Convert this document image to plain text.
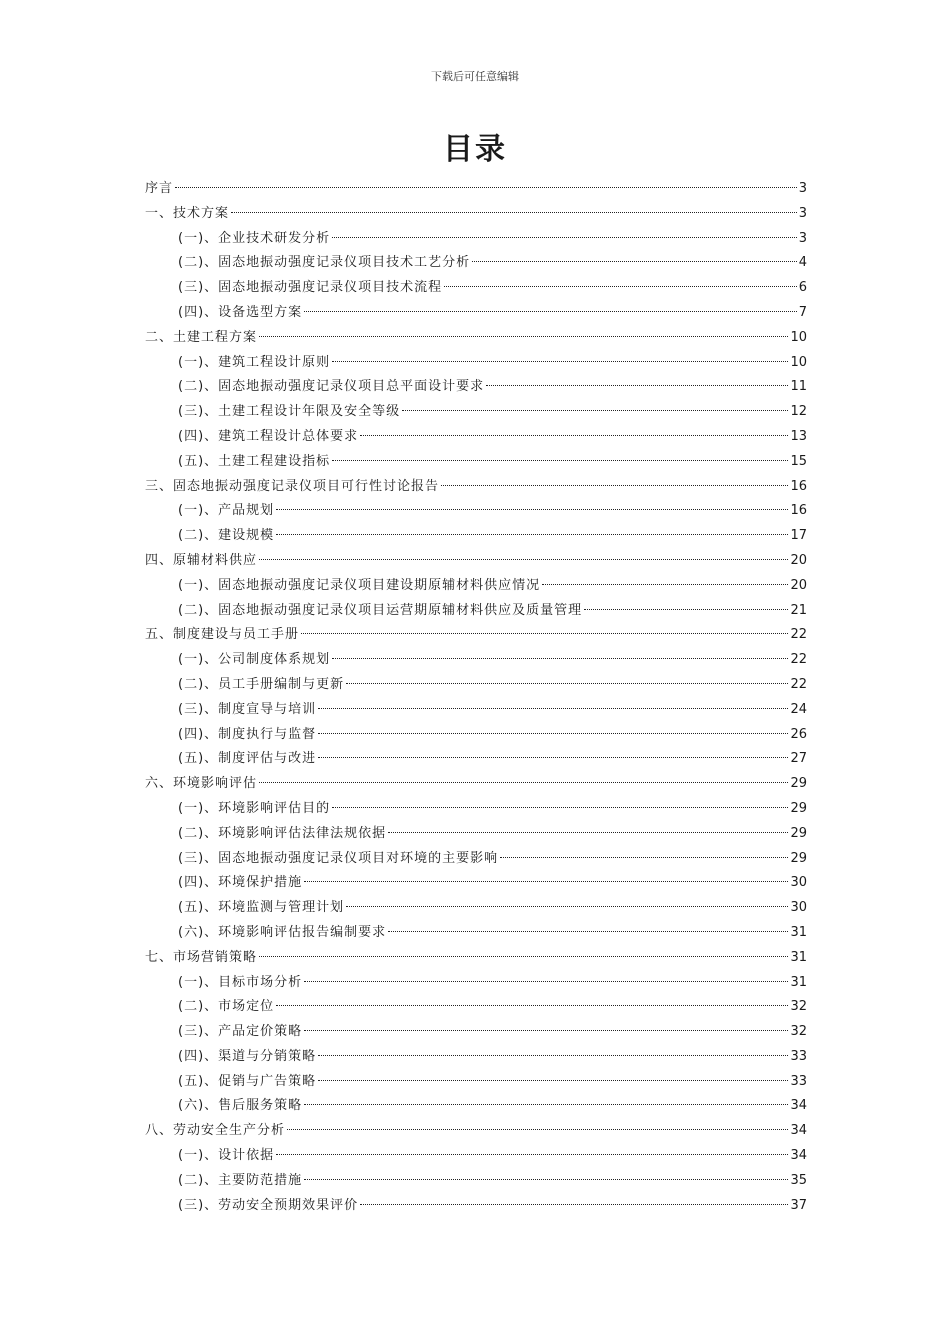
下载后可任意编辑
目录
序言	3
一、技术方案	3
(一)、企业技术研发分析	3
(二)、固态地振动强度记录仪项目技术工艺分析	4
(三)、固态地振动强度记录仪项目技术流程	6
(四)、设备选型方案	7
二、土建工程方案	10
(一)、建筑工程设计原则	10
(二)、固态地振动强度记录仪项目总平面设计要求	11
(三)、土建工程设计年限及安全等级	12
(四)、建筑工程设计总体要求	13
(五)、土建工程建设指标	15
三、固态地振动强度记录仪项目可行性讨论报告	16
(一)、产品规划	16
(二)、建设规模	17
四、原辅材料供应	20
(一)、固态地振动强度记录仪项目建设期原辅材料供应情况	20
(二)、固态地振动强度记录仪项目运营期原辅材料供应及质量管理	21
五、制度建设与员工手册	22
(一)、公司制度体系规划	22
(二)、员工手册编制与更新	22
(三)、制度宣导与培训	24
(四)、制度执行与监督	26
(五)、制度评估与改进	27
六、环境影响评估	29
(一)、环境影响评估目的	29
(二)、环境影响评估法律法规依据	29
(三)、固态地振动强度记录仪项目对环境的主要影响	29
(四)、环境保护措施	30
(五)、环境监测与管理计划	30
(六)、环境影响评估报告编制要求	31
七、市场营销策略	31
(一)、目标市场分析	31
(二)、市场定位	32
(三)、产品定价策略	32
(四)、渠道与分销策略	33
(五)、促销与广告策略	33
(六)、售后服务策略	34
八、劳动安全生产分析	34
(一)、设计依据	34
(二)、主要防范措施	35
(三)、劳动安全预期效果评价	37
